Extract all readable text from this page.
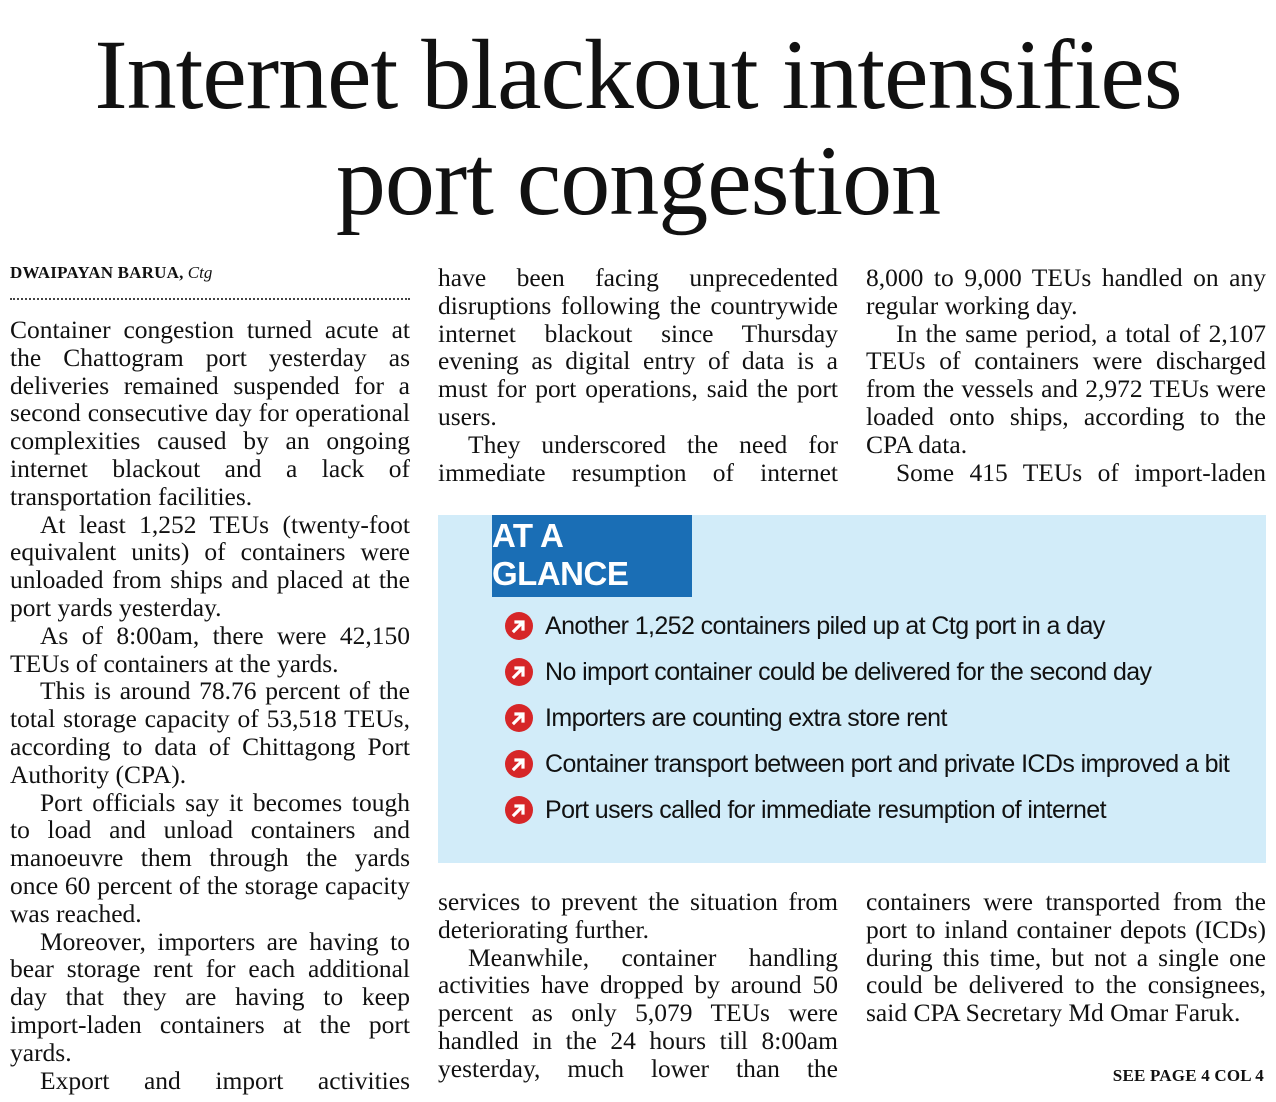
Internet blackout intensifies
port congestion
DWAIPAYAN BARUA, Ctg

Container congestion turned acute at the Chattogram port yesterday as deliveries remained suspended for a second consecutive day for operational complexities caused by an ongoing internet blackout and a lack of transportation facilities.

At least 1,252 TEUs (twenty-foot equivalent units) of containers were unloaded from ships and placed at the port yards yesterday.

As of 8:00am, there were 42,150 TEUs of containers at the yards.

This is around 78.76 percent of the total storage capacity of 53,518 TEUs, according to data of Chittagong Port Authority (CPA).

Port officials say it becomes tough to load and unload containers and manoeuvre them through the yards once 60 percent of the storage capacity was reached.

Moreover, importers are having to bear storage rent for each additional day that they are having to keep import-laden containers at the port yards.

Export and import activities

have been facing unprecedented disruptions following the countrywide internet blackout since Thursday evening as digital entry of data is a must for port operations, said the port users.

They underscored the need for immediate resumption of internet

8,000 to 9,000 TEUs handled on any regular working day.

In the same period, a total of 2,107 TEUs of containers were discharged from the vessels and 2,972 TEUs were loaded onto ships, according to the CPA data.

Some 415 TEUs of import-laden

AT A GLANCE
Another 1,252 containers piled up at Ctg port in a day
No import container could be delivered for the second day
Importers are counting extra store rent
Container transport between port and private ICDs improved a bit
Port users called for immediate resumption of internet

services to prevent the situation from deteriorating further.

Meanwhile, container handling activities have dropped by around 50 percent as only 5,079 TEUs were handled in the 24 hours till 8:00am yesterday, much lower than the

containers were transported from the port to inland container depots (ICDs) during this time, but not a single one could be delivered to the consignees, said CPA Secretary Md Omar Faruk.

SEE PAGE 4 COL 4
